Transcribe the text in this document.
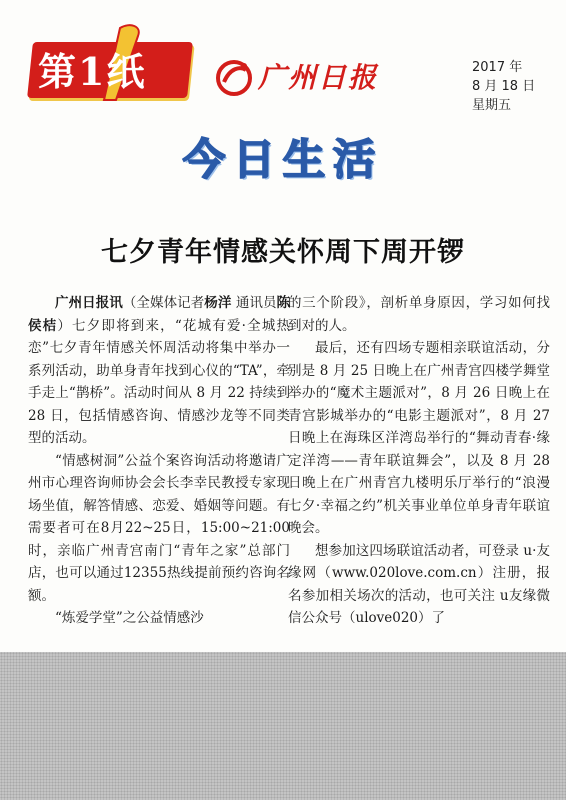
第1纸	广州日报	2017 年
8 月 18 日
星期五
今日生活
七夕青年情感关怀周下周开锣

广州日报讯（全媒体记者杨洋 通讯员陈侯桔）七夕即将到来，“花城有爱·全城热恋”七夕青年情感关怀周活动将集中举办一系列活动，助单身青年找到心仪的“TA”，牵手走上“鹊桥”。活动时间从 8 月 22 持续到 28 日，包括情感咨询、情感沙龙等不同类型的活动。

“情感树洞”公益个案咨询活动将邀请广州市心理咨询师协会会长李幸民教授专家现场坐值，解答情感、恋爱、婚姻等问题。有需要者可在8月22~25日，15:00~21:00时，亲临广州青宫南门“青年之家”总部门店，也可以通过12355热线提前预约咨询名额。

“炼爱学堂”之公益情感沙

的三个阶段》，剖析单身原因，学习如何找到对的人。

最后，还有四场专题相亲联谊活动，分别是 8 月 25 日晚上在广州青宫四楼学舞堂举办的“魔术主题派对”，8 月 26 日晚上在青宫影城举办的“电影主题派对”，8 月 27 日晚上在海珠区洋湾岛举行的“舞动青春·缘定洋湾——青年联谊舞会”，以及 8 月 28 日晚上在广州青宫九楼明乐厅举行的“浪漫七夕·幸福之约”机关事业单位单身青年联谊晚会。

想参加这四场联谊活动者，可登录 u·友缘网（www.020love.com.cn）注册，报名参加相关场次的活动，也可关注 u友缘微信公众号（ulove020）了
